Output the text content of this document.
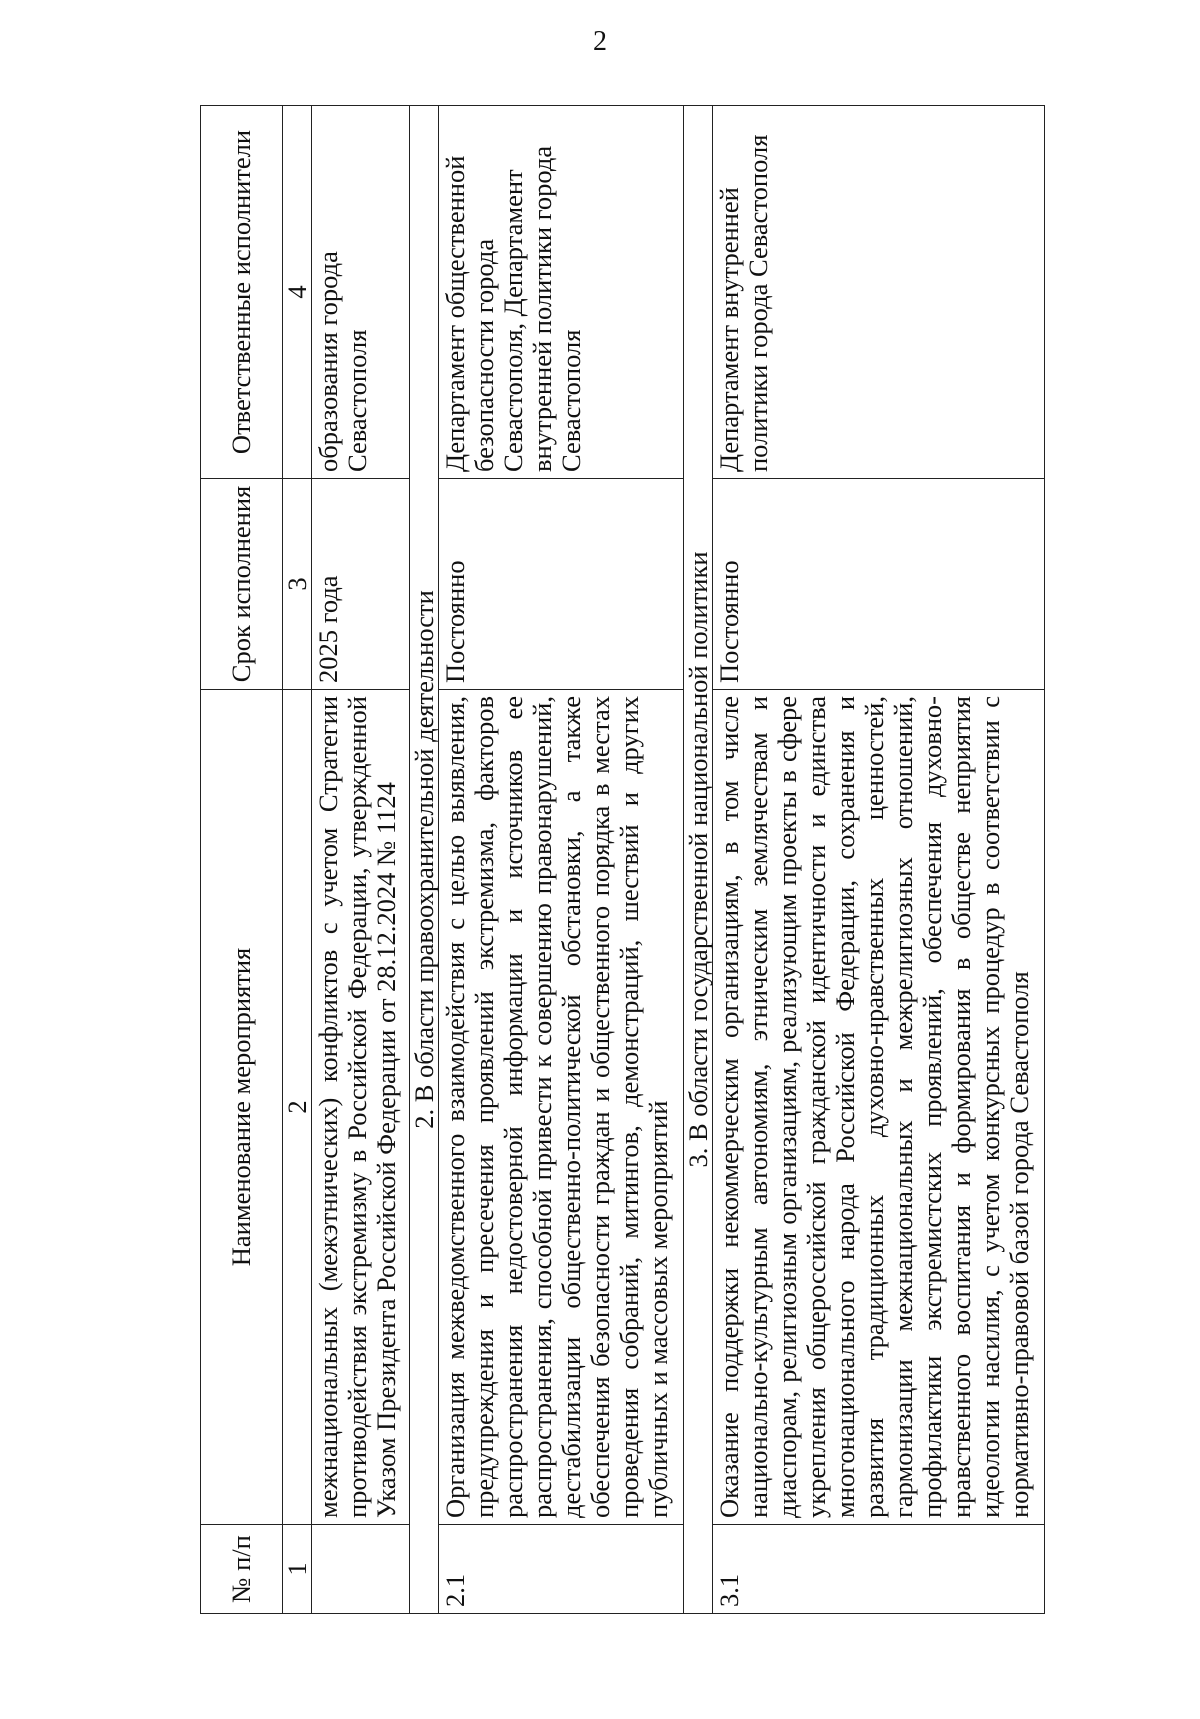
2
№ п/п	Наименование мероприятия	Срок исполнения	Ответственные исполнители
1	2	3	4
	межнациональных (межэтнических) конфликтов с учетом Стратегии противодействия экстремизму в Российской Федерации, утвержденной Указом Президента Российской Федерации от 28.12.2024 № 1124	2025 года	образования города Севастополя
2. В области правоохранительной деятельности			
2.1	Организация межведомственного взаимодействия с целью выявления, предупреждения и пресечения проявлений экстремизма, факторов распространения недостоверной информации и источников ее распространения, способной привести к совершению правонарушений, дестабилизации общественно-политической обстановки, а также обеспечения безопасности граждан и общественного порядка в местах проведения собраний, митингов, демонстраций, шествий и других публичных и массовых мероприятий	Постоянно	Департамент общественной безопасности города Севастополя, Департамент внутренней политики города Севастополя
3. В области государственной национальной политики			
3.1	Оказание поддержки некоммерческим организациям, в том числе национально-культурным автономиям, этническим землячествам и диаспорам, религиозным организациям, реализующим проекты в сфере укрепления общероссийской гражданской идентичности и единства многонационального народа Российской Федерации, сохранения и развития традиционных духовно-нравственных ценностей, гармонизации межнациональных и межрелигиозных отношений, профилактики экстремистских проявлений, обеспечения духовно-нравственного воспитания и формирования в обществе неприятия идеологии насилия, с учетом конкурсных процедур в соответствии с нормативно-правовой базой города Севастополя	Постоянно	Департамент внутренней политики города Севастополя
